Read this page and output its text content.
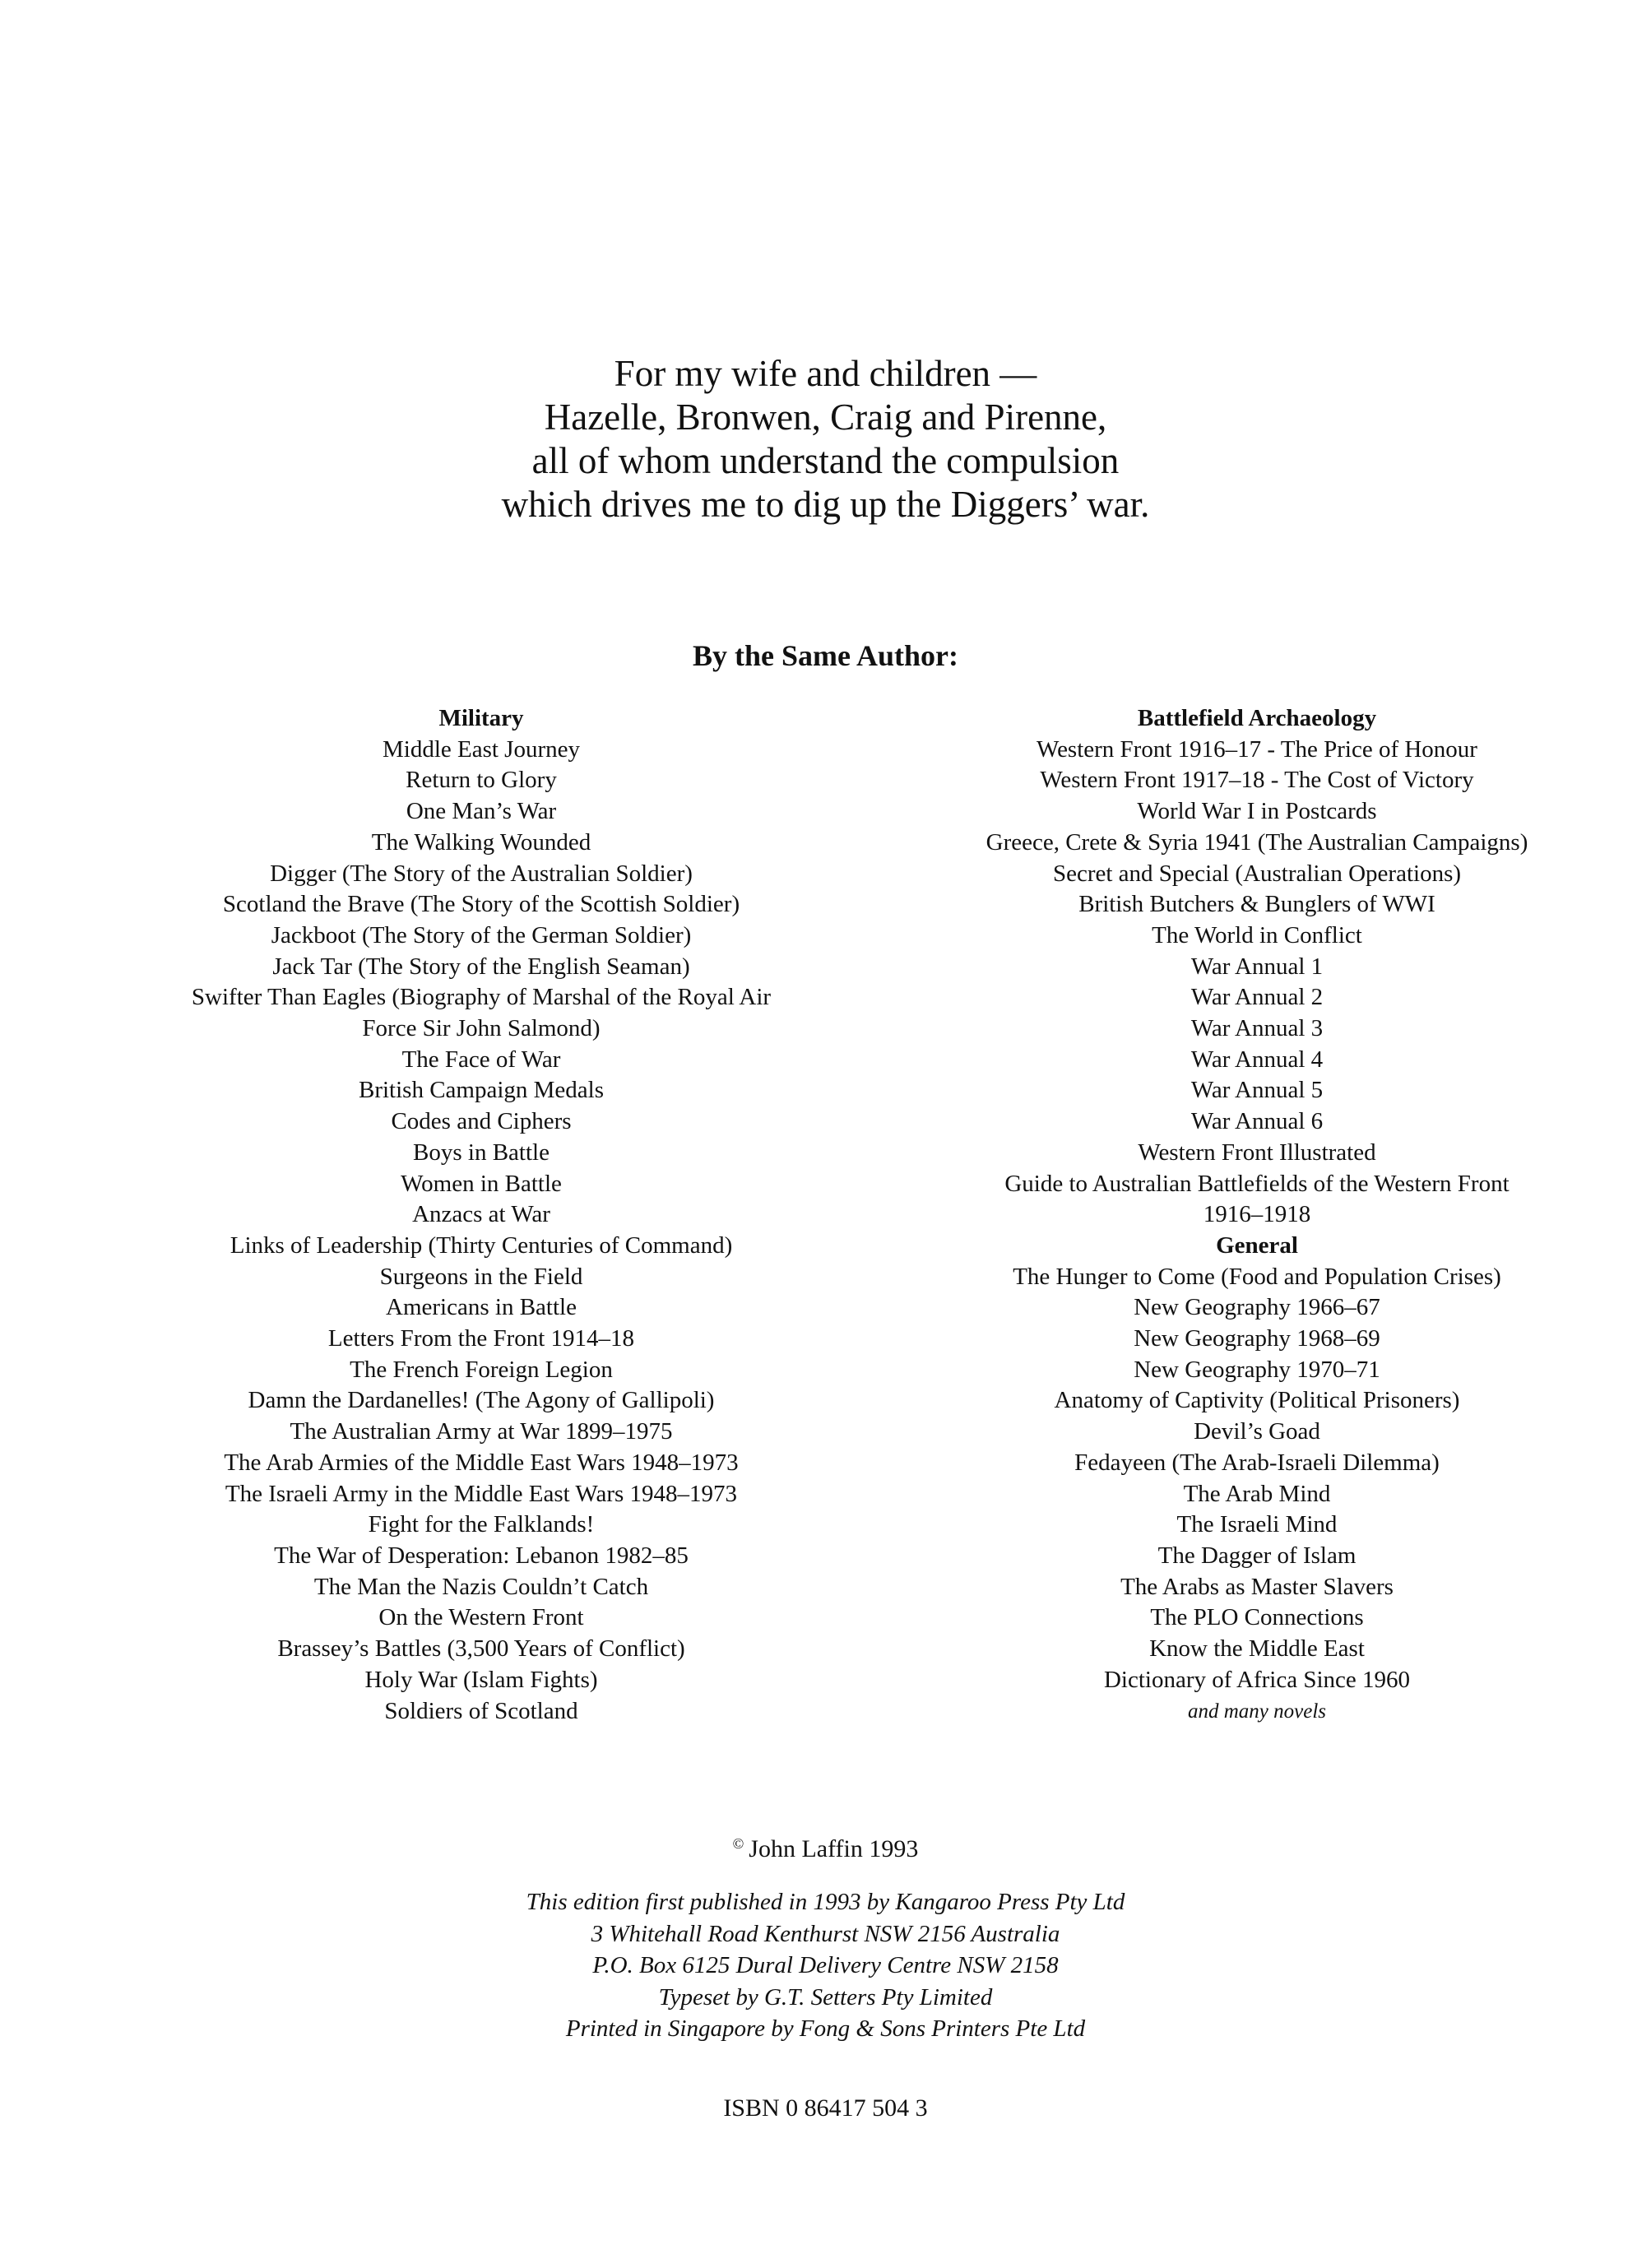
For my wife and children —
Hazelle, Bronwen, Craig and Pirenne,
all of whom understand the compulsion
which drives me to dig up the Diggers’ war.
By the Same Author:
Military
Middle East Journey
Return to Glory
One Man’s War
The Walking Wounded
Digger (The Story of the Australian Soldier)
Scotland the Brave (The Story of the Scottish Soldier)
Jackboot (The Story of the German Soldier)
Jack Tar (The Story of the English Seaman)
Swifter Than Eagles (Biography of Marshal of the Royal Air
Force Sir John Salmond)
The Face of War
British Campaign Medals
Codes and Ciphers
Boys in Battle
Women in Battle
Anzacs at War
Links of Leadership (Thirty Centuries of Command)
Surgeons in the Field
Americans in Battle
Letters From the Front 1914–18
The French Foreign Legion
Damn the Dardanelles! (The Agony of Gallipoli)
The Australian Army at War 1899–1975
The Arab Armies of the Middle East Wars 1948–1973
The Israeli Army in the Middle East Wars 1948–1973
Fight for the Falklands!
The War of Desperation: Lebanon 1982–85
The Man the Nazis Couldn’t Catch
On the Western Front
Brassey’s Battles (3,500 Years of Conflict)
Holy War (Islam Fights)
Soldiers of Scotland
Battlefield Archaeology
Western Front 1916–17 - The Price of Honour
Western Front 1917–18 - The Cost of Victory
World War I in Postcards
Greece, Crete & Syria 1941 (The Australian Campaigns)
Secret and Special (Australian Operations)
British Butchers & Bunglers of WWI
The World in Conflict
War Annual 1
War Annual 2
War Annual 3
War Annual 4
War Annual 5
War Annual 6
Western Front Illustrated
Guide to Australian Battlefields of the Western Front
1916–1918
General
The Hunger to Come (Food and Population Crises)
New Geography 1966–67
New Geography 1968–69
New Geography 1970–71
Anatomy of Captivity (Political Prisoners)
Devil’s Goad
Fedayeen (The Arab-Israeli Dilemma)
The Arab Mind
The Israeli Mind
The Dagger of Islam
The Arabs as Master Slavers
The PLO Connections
Know the Middle East
Dictionary of Africa Since 1960
and many novels
© John Laffin 1993
This edition first published in 1993 by Kangaroo Press Pty Ltd
3 Whitehall Road Kenthurst NSW 2156 Australia
P.O. Box 6125 Dural Delivery Centre NSW 2158
Typeset by G.T. Setters Pty Limited
Printed in Singapore by Fong & Sons Printers Pte Ltd
ISBN 0 86417 504 3
